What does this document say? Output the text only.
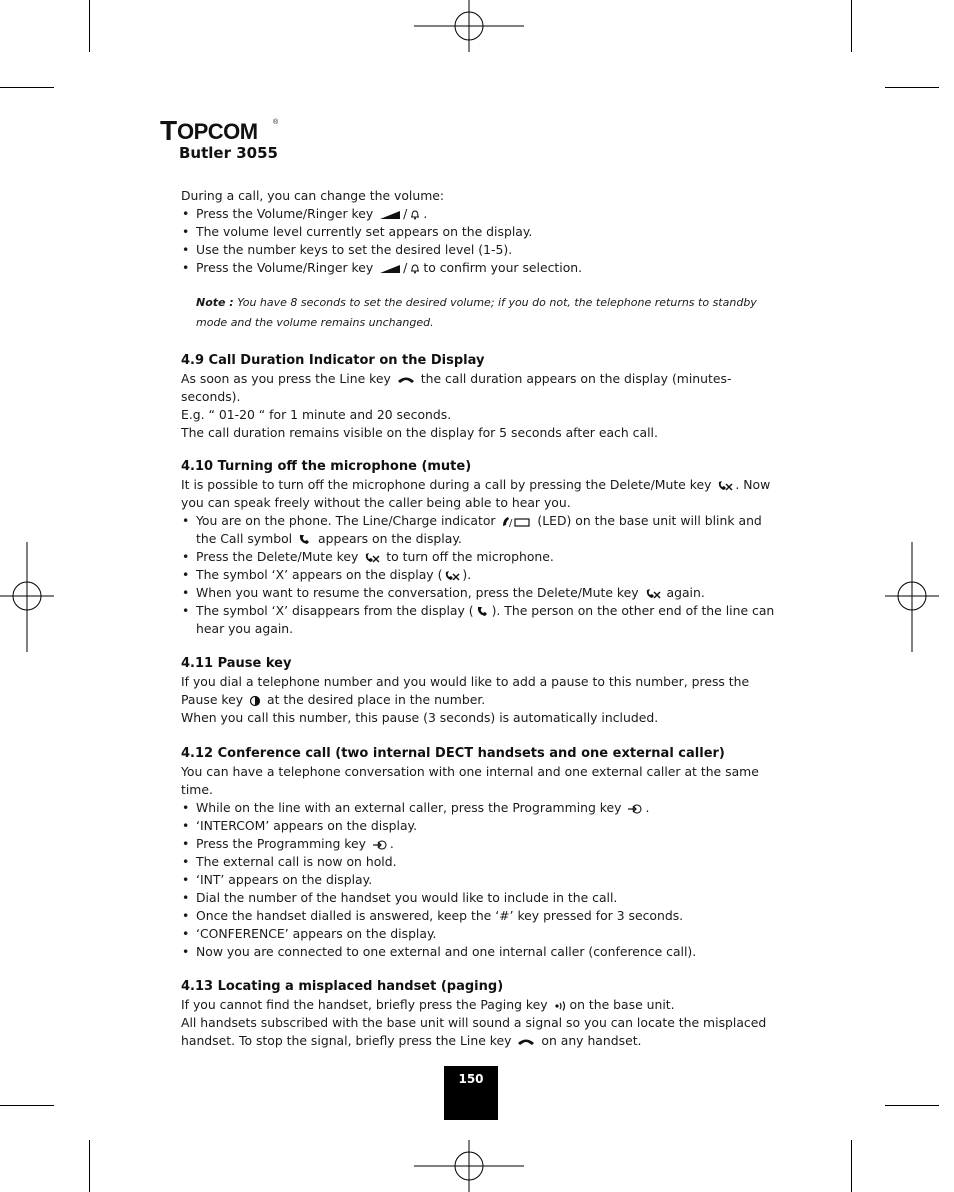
T OPCOM ®
Butler 3055

During a call, you can change the volume:

• Press the Volume/Ringer key / .
• The volume level currently set appears on the display.
• Use the number keys to set the desired level (1-5).
• Press the Volume/Ringer key / to confirm your selection.

Note : You have 8 seconds to set the desired volume; if you do not, the telephone returns to standby mode and the volume remains unchanged.

4.9 Call Duration Indicator on the Display

As soon as you press the Line key the call duration appears on the display (minutes-seconds).

E.g. “ 01-20 “ for 1 minute and 20 seconds.

The call duration remains visible on the display for 5 seconds after each call.

4.10 Turning off the microphone (mute)

It is possible to turn off the microphone during a call by pressing the Delete/Mute key . Now you can speak freely without the caller being able to hear you.

• You are on the phone. The Line/Charge indicator / (LED) on the base unit will blink and the Call symbol appears on the display.
• Press the Delete/Mute key to turn off the microphone.
• The symbol ‘X’ appears on the display ( ).
• When you want to resume the conversation, press the Delete/Mute key again.
• The symbol ‘X’ disappears from the display ( ). The person on the other end of the line can hear you again.
4.11 Pause key

If you dial a telephone number and you would like to add a pause to this number, press the

Pause key at the desired place in the number.

When you call this number, this pause (3 seconds) is automatically included.

4.12 Conference call (two internal DECT handsets and one external caller)

You can have a telephone conversation with one internal and one external caller at the same time.

• While on the line with an external caller, press the Programming key .
• ‘INTERCOM’ appears on the display.
• Press the Programming key .
• The external call is now on hold.
• ‘INT’ appears on the display.
• Dial the number of the handset you would like to include in the call.
• Once the handset dialled is answered, keep the ‘#’ key pressed for 3 seconds.
• ‘CONFERENCE’ appears on the display.
• Now you are connected to one external and one internal caller (conference call).
4.13 Locating a misplaced handset (paging)

If you cannot find the handset, briefly press the Paging key on the base unit.

All handsets subscribed with the base unit will sound a signal so you can locate the misplaced

handset. To stop the signal, briefly press the Line key on any handset.

150
